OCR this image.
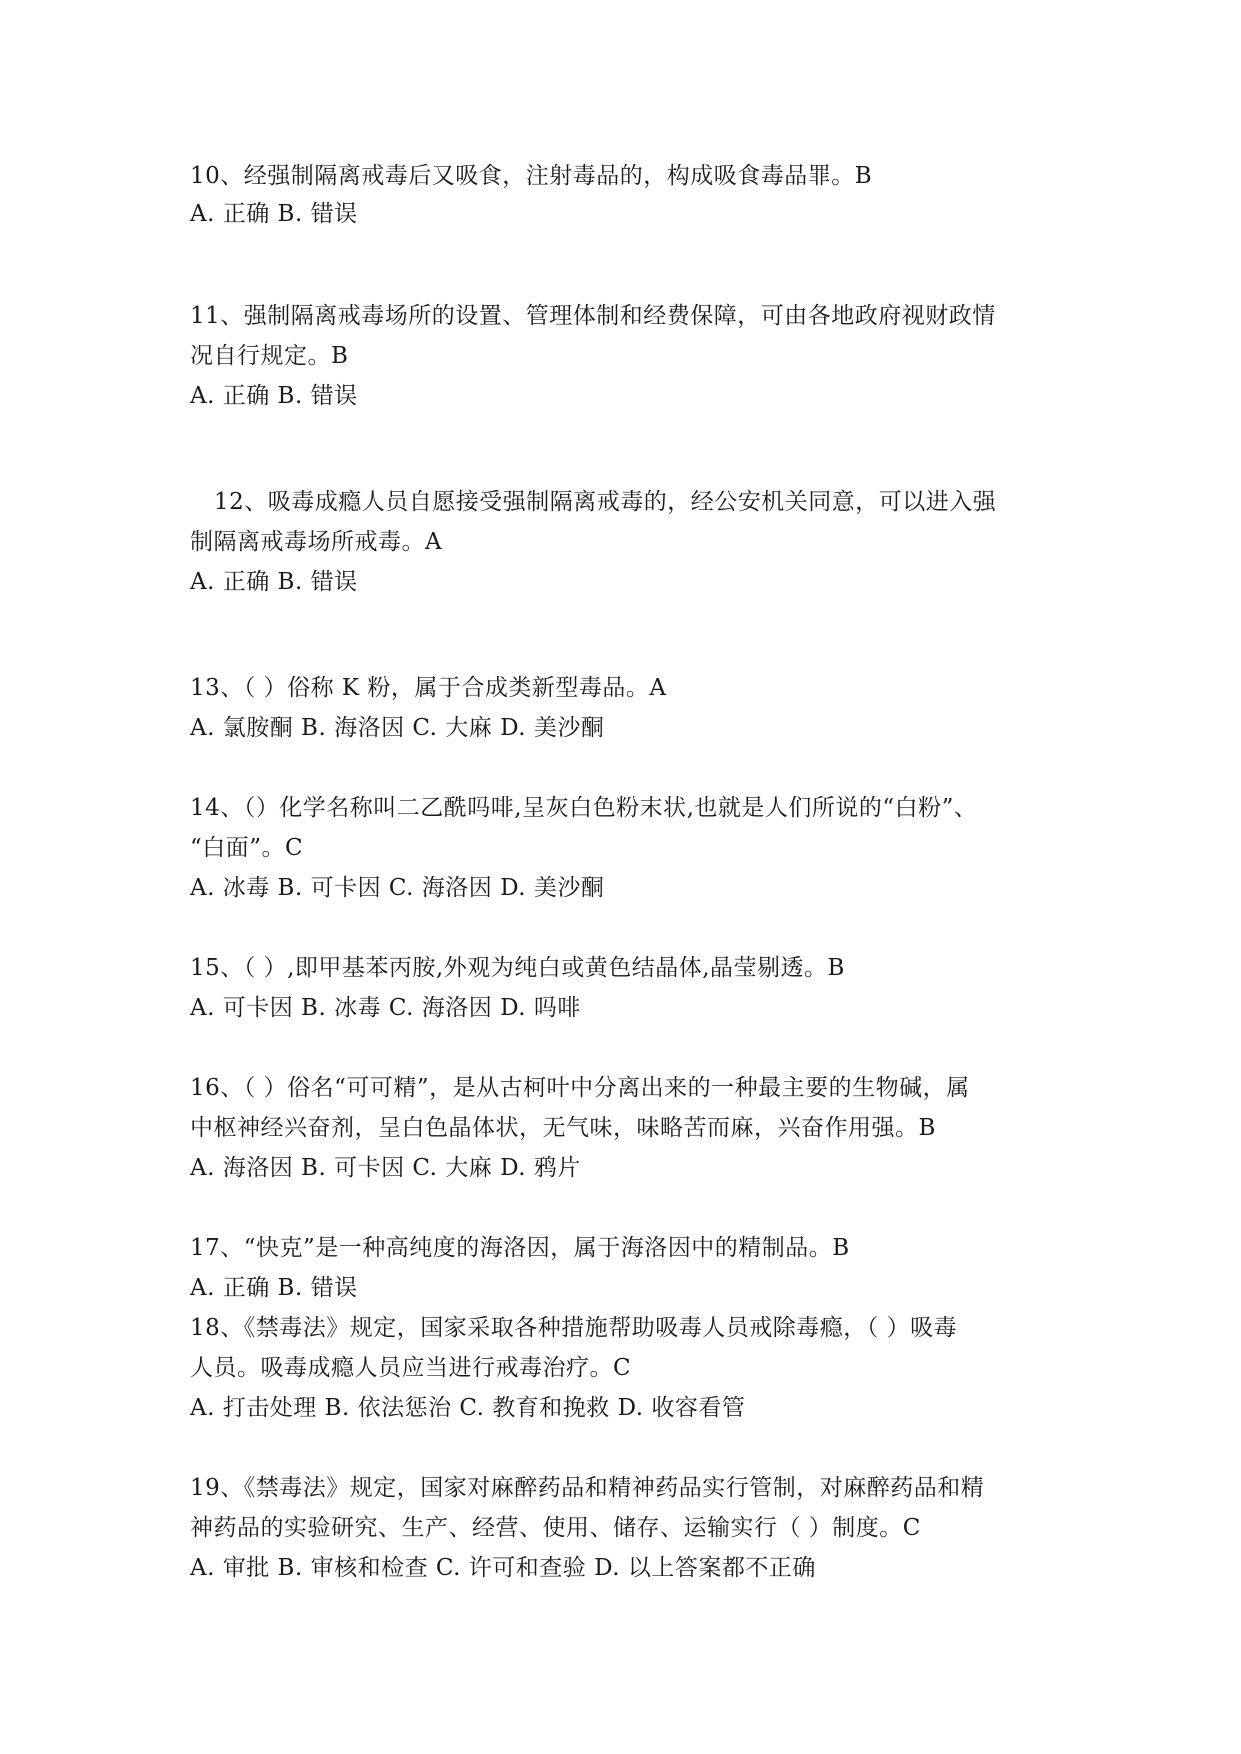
10、经强制隔离戒毒后又吸食，注射毒品的，构成吸食毒品罪。B
A. 正确 B. 错误
11、强制隔离戒毒场所的设置、管理体制和经费保障，可由各地政府视财政情
况自行规定。B
A. 正确 B. 错误
12、吸毒成瘾人员自愿接受强制隔离戒毒的，经公安机关同意，可以进入强
制隔离戒毒场所戒毒。A
A. 正确 B. 错误
13、（ ）俗称 K 粉，属于合成类新型毒品。A
A. 氯胺酮 B. 海洛因 C. 大麻 D. 美沙酮
14、（）化学名称叫二乙酰吗啡,呈灰白色粉末状,也就是人们所说的“白粉”、
“白面”。C
A. 冰毒 B. 可卡因 C. 海洛因 D. 美沙酮
15、（ ）,即甲基苯丙胺,外观为纯白或黄色结晶体,晶莹剔透。B
A. 可卡因 B. 冰毒 C. 海洛因 D. 吗啡
16、（ ）俗名“可可精”，是从古柯叶中分离出来的一种最主要的生物碱，属
中枢神经兴奋剂，呈白色晶体状，无气味，味略苦而麻，兴奋作用强。B
A. 海洛因 B. 可卡因 C. 大麻 D. 鸦片
17、“快克”是一种高纯度的海洛因，属于海洛因中的精制品。B
A. 正确 B. 错误
18、《禁毒法》规定，国家采取各种措施帮助吸毒人员戒除毒瘾，（ ）吸毒
人员。吸毒成瘾人员应当进行戒毒治疗。C
A. 打击处理 B. 依法惩治 C. 教育和挽救 D. 收容看管
19、《禁毒法》规定，国家对麻醉药品和精神药品实行管制，对麻醉药品和精
神药品的实验研究、生产、经营、使用、储存、运输实行（ ）制度。C
A. 审批 B. 审核和检查 C. 许可和查验 D. 以上答案都不正确
